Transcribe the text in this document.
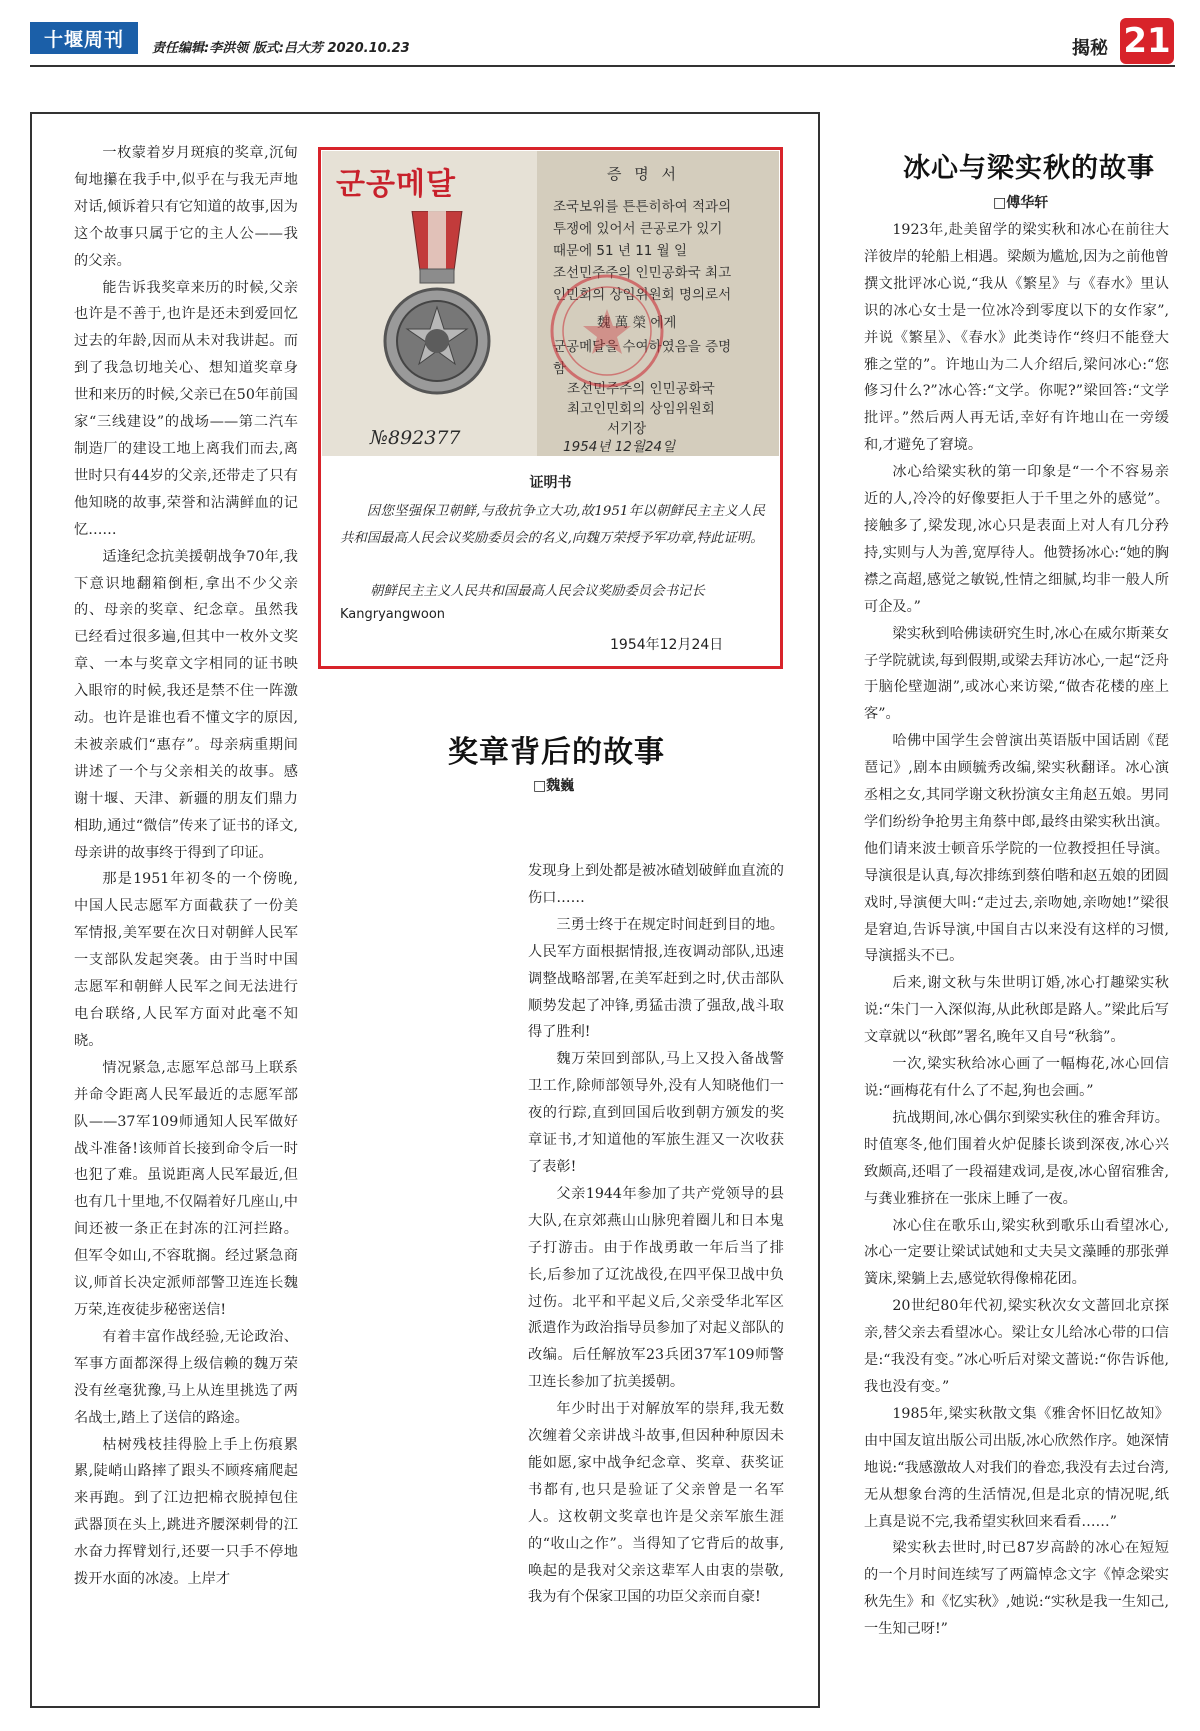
十堰周刊	责任编辑:李洪领 版式:吕大芳 2020.10.23	揭秘 21
군공메달
№892377
증 명 서
조국보위를 튼튼히하여 적과의
투쟁에 있어서 큰공로가 있기
때문에 51 년 11 월 일
조선민주주의 인민공화국 최고
인민회의 상임위원회 명의로서
魏 萬 榮 에게
군공메달을 수여하였음을 증명
함
조선민주주의 인민공화국
최고인민회의 상임위원회
서기장
1954년 12월24일
证明书

因您坚强保卫朝鲜,与敌抗争立大功,故1951年以朝鲜民主主义人民共和国最高人民会议奖励委员会的名义,向魏万荣授予军功章,特此证明。

朝鲜民主主义人民共和国最高人民会议奖励委员会书记长
Kangryangwoon
1954年12月24日
奖章背后的故事
□魏巍

一枚蒙着岁月斑痕的奖章,沉甸甸地攥在我手中,似乎在与我无声地对话,倾诉着只有它知道的故事,因为这个故事只属于它的主人公——我的父亲。

能告诉我奖章来历的时候,父亲也许是不善于,也许是还未到爱回忆过去的年龄,因而从未对我讲起。而到了我急切地关心、想知道奖章身世和来历的时候,父亲已在50年前国家“三线建设”的战场——第二汽车制造厂的建设工地上离我们而去,离世时只有44岁的父亲,还带走了只有他知晓的故事,荣誉和沾满鲜血的记忆……

适逢纪念抗美援朝战争70年,我下意识地翻箱倒柜,拿出不少父亲的、母亲的奖章、纪念章。虽然我已经看过很多遍,但其中一枚外文奖章、一本与奖章文字相同的证书映入眼帘的时候,我还是禁不住一阵激动。也许是谁也看不懂文字的原因,未被亲戚们“惠存”。母亲病重期间讲述了一个与父亲相关的故事。感谢十堰、天津、新疆的朋友们鼎力相助,通过“微信”传来了证书的译文,母亲讲的故事终于得到了印证。

那是1951年初冬的一个傍晚,中国人民志愿军方面截获了一份美军情报,美军要在次日对朝鲜人民军一支部队发起突袭。由于当时中国志愿军和朝鲜人民军之间无法进行电台联络,人民军方面对此毫不知晓。

情况紧急,志愿军总部马上联系并命令距离人民军最近的志愿军部队——37军109师通知人民军做好战斗准备!该师首长接到命令后一时也犯了难。虽说距离人民军最近,但也有几十里地,不仅隔着好几座山,中间还被一条正在封冻的江河拦路。但军令如山,不容耽搁。经过紧急商议,师首长决定派师部警卫连连长魏万荣,连夜徒步秘密送信!

有着丰富作战经验,无论政治、军事方面都深得上级信赖的魏万荣没有丝毫犹豫,马上从连里挑选了两名战士,踏上了送信的路途。

枯树残枝挂得脸上手上伤痕累累,陡峭山路摔了跟头不顾疼痛爬起来再跑。到了江边把棉衣脱掉包住武器顶在头上,跳进齐腰深刺骨的江水奋力挥臂划行,还要一只手不停地拨开水面的冰凌。上岸才

发现身上到处都是被冰碴划破鲜血直流的伤口……

三勇士终于在规定时间赶到目的地。人民军方面根据情报,连夜调动部队,迅速调整战略部署,在美军赶到之时,伏击部队顺势发起了冲锋,勇猛击溃了强敌,战斗取得了胜利!

魏万荣回到部队,马上又投入备战警卫工作,除师部领导外,没有人知晓他们一夜的行踪,直到回国后收到朝方颁发的奖章证书,才知道他的军旅生涯又一次收获了表彰!

父亲1944年参加了共产党领导的县大队,在京郊燕山山脉兜着圈儿和日本鬼子打游击。由于作战勇敢一年后当了排长,后参加了辽沈战役,在四平保卫战中负过伤。北平和平起义后,父亲受华北军区派遣作为政治指导员参加了对起义部队的改编。后任解放军23兵团37军109师警卫连长参加了抗美援朝。

年少时出于对解放军的崇拜,我无数次缠着父亲讲战斗故事,但因种种原因未能如愿,家中战争纪念章、奖章、获奖证书都有,也只是验证了父亲曾是一名军人。这枚朝文奖章也许是父亲军旅生涯的“收山之作”。当得知了它背后的故事,唤起的是我对父亲这辈军人由衷的崇敬,我为有个保家卫国的功臣父亲而自豪!

冰心与梁实秋的故事
□傅华轩

1923年,赴美留学的梁实秋和冰心在前往大洋彼岸的轮船上相遇。梁颇为尴尬,因为之前他曾撰文批评冰心说,“我从《繁星》与《春水》里认识的冰心女士是一位冰冷到零度以下的女作家”,并说《繁星》、《春水》此类诗作“终归不能登大雅之堂的”。许地山为二人介绍后,梁问冰心:“您修习什么?”冰心答:“文学。你呢?”梁回答:“文学批评。”然后两人再无话,幸好有许地山在一旁缓和,才避免了窘境。

冰心给梁实秋的第一印象是“一个不容易亲近的人,冷冷的好像要拒人于千里之外的感觉”。接触多了,梁发现,冰心只是表面上对人有几分矜持,实则与人为善,宽厚待人。他赞扬冰心:“她的胸襟之高超,感觉之敏锐,性情之细腻,均非一般人所可企及。”

梁实秋到哈佛读研究生时,冰心在威尔斯莱女子学院就读,每到假期,或梁去拜访冰心,一起“泛舟于脑伦壁迦湖”,或冰心来访梁,“做杏花楼的座上客”。

哈佛中国学生会曾演出英语版中国话剧《琵琶记》,剧本由顾毓秀改编,梁实秋翻译。冰心演丞相之女,其同学谢文秋扮演女主角赵五娘。男同学们纷纷争抢男主角蔡中郎,最终由梁实秋出演。他们请来波士顿音乐学院的一位教授担任导演。导演很是认真,每次排练到蔡伯喈和赵五娘的团圆戏时,导演便大叫:“走过去,亲吻她,亲吻她!”梁很是窘迫,告诉导演,中国自古以来没有这样的习惯,导演摇头不已。

后来,谢文秋与朱世明订婚,冰心打趣梁实秋说:“朱门一入深似海,从此秋郎是路人。”梁此后写文章就以“秋郎”署名,晚年又自号“秋翁”。

一次,梁实秋给冰心画了一幅梅花,冰心回信说:“画梅花有什么了不起,狗也会画。”

抗战期间,冰心偶尔到梁实秋住的雅舍拜访。时值寒冬,他们围着火炉促膝长谈到深夜,冰心兴致颇高,还唱了一段福建戏词,是夜,冰心留宿雅舍,与龚业雅挤在一张床上睡了一夜。

冰心住在歌乐山,梁实秋到歌乐山看望冰心,冰心一定要让梁试试她和丈夫吴文藻睡的那张弹簧床,梁躺上去,感觉软得像棉花团。

20世纪80年代初,梁实秋次女文蔷回北京探亲,替父亲去看望冰心。梁让女儿给冰心带的口信是:“我没有变。”冰心听后对梁文蔷说:“你告诉他,我也没有变。”

1985年,梁实秋散文集《雅舍怀旧忆故知》由中国友谊出版公司出版,冰心欣然作序。她深情地说:“我感激故人对我们的眷恋,我没有去过台湾,无从想象台湾的生活情况,但是北京的情况呢,纸上真是说不完,我希望实秋回来看看……”

梁实秋去世时,时已87岁高龄的冰心在短短的一个月时间连续写了两篇悼念文字《悼念梁实秋先生》和《忆实秋》,她说:“实秋是我一生知己,一生知己呀!”
